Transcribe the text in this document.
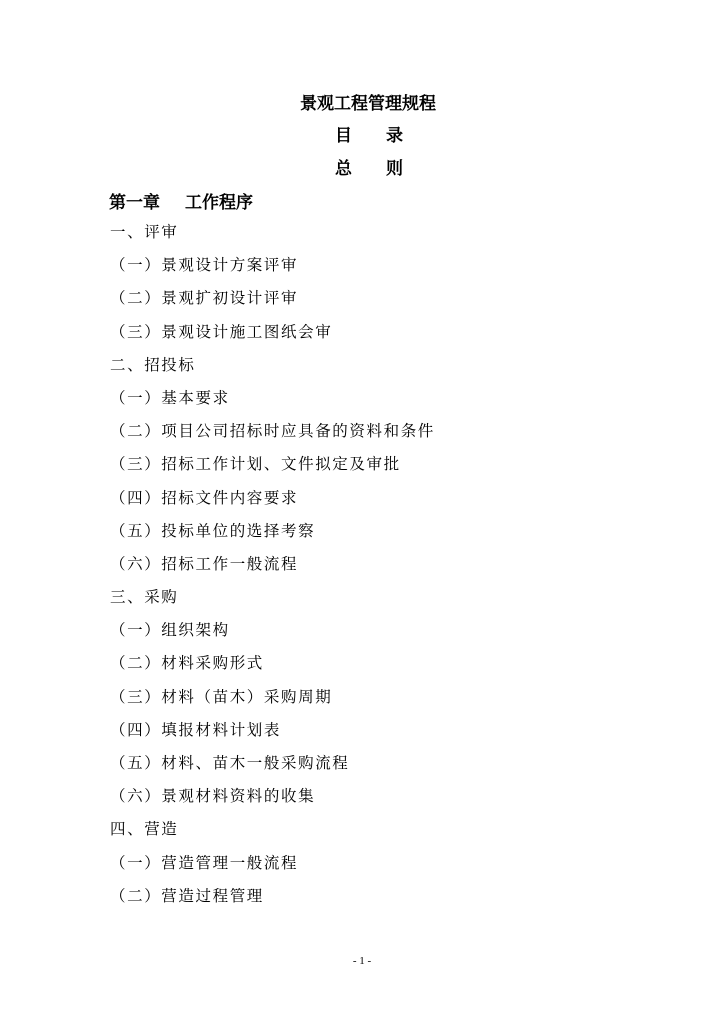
景观工程管理规程
目 录
总 则
第一章 工作程序
一、评审
（一）景观设计方案评审
（二）景观扩初设计评审
（三）景观设计施工图纸会审
二、招投标
（一）基本要求
（二）项目公司招标时应具备的资料和条件
（三）招标工作计划、文件拟定及审批
（四）招标文件内容要求
（五）投标单位的选择考察
（六）招标工作一般流程
三、采购
（一）组织架构
（二）材料采购形式
（三）材料（苗木）采购周期
（四）填报材料计划表
（五）材料、苗木一般采购流程
（六）景观材料资料的收集
四、营造
（一）营造管理一般流程
（二）营造过程管理
- 1 -
